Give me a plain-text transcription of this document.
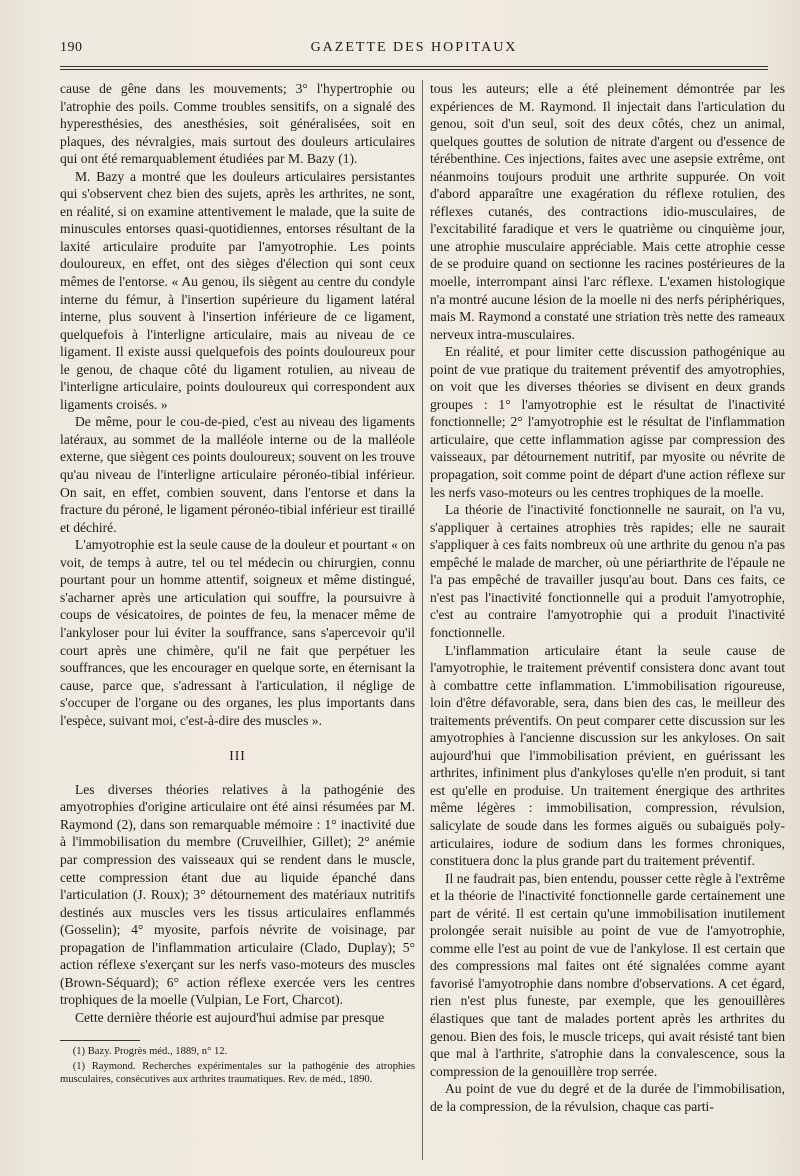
190	GAZETTE DES HOPITAUX

cause de gêne dans les mouvements; 3° l'hypertrophie ou l'atrophie des poils. Comme troubles sensitifs, on a signalé des hyperesthésies, des anesthésies, soit généralisées, soit en plaques, des névralgies, mais surtout des douleurs articulaires qui ont été remarquablement étudiées par M. Bazy (1).

M. Bazy a montré que les douleurs articulaires persistantes qui s'observent chez bien des sujets, après les arthrites, ne sont, en réalité, si on examine attentivement le malade, que la suite de minuscules entorses quasi-quotidiennes, entorses résultant de la laxité articulaire produite par l'amyotrophie. Les points douloureux, en effet, ont des sièges d'élection qui sont ceux mêmes de l'entorse. « Au genou, ils siègent au centre du condyle interne du fémur, à l'insertion supérieure du ligament latéral interne, plus souvent à l'insertion inférieure de ce ligament, quelquefois à l'interligne articulaire, mais au niveau de ce ligament. Il existe aussi quelquefois des points douloureux pour le genou, de chaque côté du ligament rotulien, au niveau de l'interligne articulaire, points douloureux qui correspondent aux ligaments croisés. »

De même, pour le cou-de-pied, c'est au niveau des ligaments latéraux, au sommet de la malléole interne ou de la malléole externe, que siègent ces points douloureux; souvent on les trouve qu'au niveau de l'interligne articulaire péronéo-tibial inférieur. On sait, en effet, combien souvent, dans l'entorse et dans la fracture du péroné, le ligament péronéo-tibial inférieur est tiraillé et déchiré.

L'amyotrophie est la seule cause de la douleur et pourtant « on voit, de temps à autre, tel ou tel médecin ou chirurgien, connu pourtant pour un homme attentif, soigneux et même distingué, s'acharner après une articulation qui souffre, la poursuivre à coups de vésicatoires, de pointes de feu, la menacer même de l'ankyloser pour lui éviter la souffrance, sans s'apercevoir qu'il court après une chimère, qu'il ne fait que perpétuer les souffrances, que les encourager en quelque sorte, en éternisant la cause, parce que, s'adressant à l'articulation, il néglige de s'occuper de l'organe ou des organes, les plus importants dans l'espèce, suivant moi, c'est-à-dire des muscles ».

III

Les diverses théories relatives à la pathogénie des amyotrophies d'origine articulaire ont été ainsi résumées par M. Raymond (2), dans son remarquable mémoire : 1° inactivité due à l'immobilisation du membre (Cruveilhier, Gillet); 2° anémie par compression des vaisseaux qui se rendent dans le muscle, cette compression étant due au liquide épanché dans l'articulation (J. Roux); 3° détournement des matériaux nutritifs destinés aux muscles vers les tissus articulaires enflammés (Gosselin); 4° myosite, parfois névrite de voisinage, par propagation de l'inflammation articulaire (Clado, Duplay); 5° action réflexe s'exerçant sur les nerfs vaso-moteurs des muscles (Brown-Séquard); 6° action réflexe exercée vers les centres trophiques de la moelle (Vulpian, Le Fort, Charcot).

Cette dernière théorie est aujourd'hui admise par presque

(1) Bazy. Progrès méd., 1889, n° 12.

(1) Raymond. Recherches expérimentales sur la pathogénie des atrophies musculaires, consécutives aux arthrites traumatiques. Rev. de méd., 1890.

tous les auteurs; elle a été pleinement démontrée par les expériences de M. Raymond. Il injectait dans l'articulation du genou, soit d'un seul, soit des deux côtés, chez un animal, quelques gouttes de solution de nitrate d'argent ou d'essence de térébenthine. Ces injections, faites avec une asepsie extrême, ont néanmoins toujours produit une arthrite suppurée. On voit d'abord apparaître une exagération du réflexe rotulien, des réflexes cutanés, des contractions idio-musculaires, de l'excitabilité faradique et vers le quatrième ou cinquième jour, une atrophie musculaire appréciable. Mais cette atrophie cesse de se produire quand on sectionne les racines postérieures de la moelle, interrompant ainsi l'arc réflexe. L'examen histologique n'a montré aucune lésion de la moelle ni des nerfs périphériques, mais M. Raymond a constaté une striation très nette des rameaux nerveux intra-musculaires.

En réalité, et pour limiter cette discussion pathogénique au point de vue pratique du traitement préventif des amyotrophies, on voit que les diverses théories se divisent en deux grands groupes : 1° l'amyotrophie est le résultat de l'inactivité fonctionnelle; 2° l'amyotrophie est le résultat de l'inflammation articulaire, que cette inflammation agisse par compression des vaisseaux, par détournement nutritif, par myosite ou névrite de propagation, soit comme point de départ d'une action réflexe sur les nerfs vaso-moteurs ou les centres trophiques de la moelle.

La théorie de l'inactivité fonctionnelle ne saurait, on l'a vu, s'appliquer à certaines atrophies très rapides; elle ne saurait s'appliquer à ces faits nombreux où une arthrite du genou n'a pas empêché le malade de marcher, où une périarthrite de l'épaule ne l'a pas empêché de travailler jusqu'au bout. Dans ces faits, ce n'est pas l'inactivité fonctionnelle qui a produit l'amyotrophie, c'est au contraire l'amyotrophie qui a produit l'inactivité fonctionnelle.

L'inflammation articulaire étant la seule cause de l'amyotrophie, le traitement préventif consistera donc avant tout à combattre cette inflammation. L'immobilisation rigoureuse, loin d'être défavorable, sera, dans bien des cas, le meilleur des traitements préventifs. On peut comparer cette discussion sur les amyotrophies à l'ancienne discussion sur les ankyloses. On sait aujourd'hui que l'immobilisation prévient, en guérissant les arthrites, infiniment plus d'ankyloses qu'elle n'en produit, si tant est qu'elle en produise. Un traitement énergique des arthrites même légères : immobilisation, compression, révulsion, salicylate de soude dans les formes aiguës ou subaiguës poly-articulaires, iodure de sodium dans les formes chroniques, constituera donc la plus grande part du traitement préventif.

Il ne faudrait pas, bien entendu, pousser cette règle à l'extrême et la théorie de l'inactivité fonctionnelle garde certainement une part de vérité. Il est certain qu'une immobilisation inutilement prolongée serait nuisible au point de vue de l'amyotrophie, comme elle l'est au point de vue de l'ankylose. Il est certain que des compressions mal faites ont été signalées comme ayant favorisé l'amyotrophie dans nombre d'observations. A cet égard, rien n'est plus funeste, par exemple, que les genouillères élastiques que tant de malades portent après les arthrites du genou. Bien des fois, le muscle triceps, qui avait résisté tant bien que mal à l'arthrite, s'atrophie dans la convalescence, sous la compression de la genouillère trop serrée.

Au point de vue du degré et de la durée de l'immobilisation, de la compression, de la révulsion, chaque cas parti-
